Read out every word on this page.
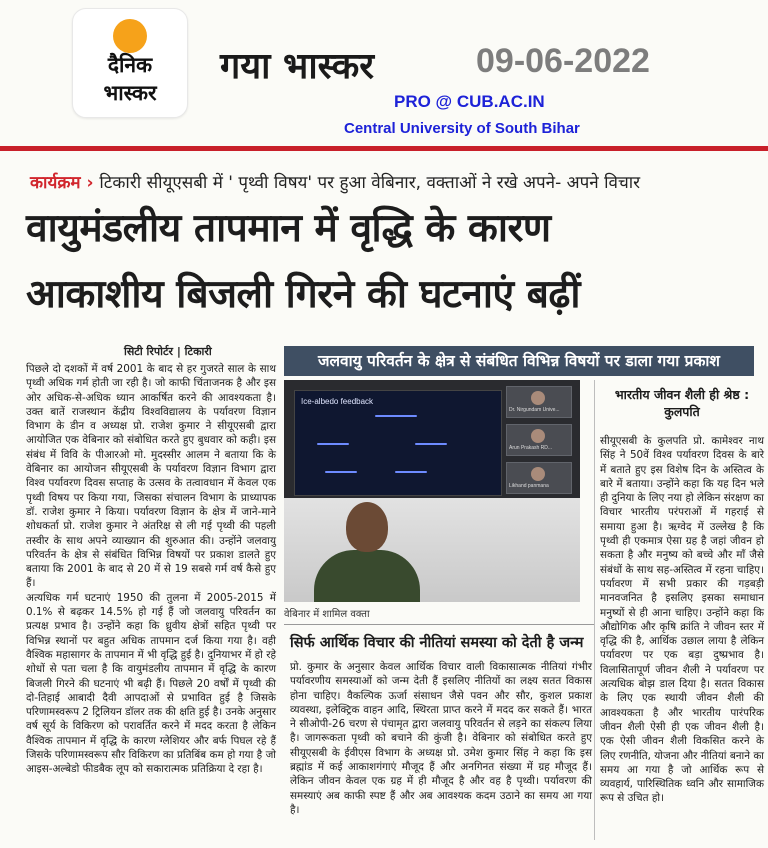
दैनिक
भास्कर
गया भास्कर	09-06-2022
PRO @ CUB.AC.IN
Central University of South Bihar
कार्यक्रम › टिकारी सीयूएसबी में ' पृथ्वी विषय' पर हुआ वेबिनार, वक्ताओं ने रखे अपने- अपने विचार
वायुमंडलीय तापमान में वृद्धि के कारण
आकाशीय बिजली गिरने की घटनाएं बढ़ीं
सिटी रिपोर्टर | टिकारी

पिछले दो दशकों में वर्ष 2001 के बाद से हर गुजरते साल के साथ पृथ्वी अधिक गर्म होती जा रही है। जो काफी चिंताजनक है और इस ओर अधिक-से-अधिक ध्यान आकर्षित करने की आवश्यकता है। उक्त बातें राजस्थान केंद्रीय विश्वविद्यालय के पर्यावरण विज्ञान विभाग के डीन व अध्यक्ष प्रो. राजेश कुमार ने सीयूएसबी द्वारा आयोजित एक वेबिनार को संबोधित करते हुए बुधवार को कही। इस संबंध में विवि के पीआरओ मो. मुदस्सीर आलम ने बताया कि के वेबिनार का आयोजन सीयूएसबी के पर्यावरण विज्ञान विभाग द्वारा विश्व पर्यावरण दिवस सप्ताह के उत्सव के तत्वावधान में केवल एक पृथ्वी विषय पर किया गया, जिसका संचालन विभाग के प्राध्यापक डॉ. राजेश कुमार ने किया। पर्यावरण विज्ञान के क्षेत्र में जाने-माने शोधकर्ता प्रो. राजेश कुमार ने अंतरिक्ष से ली गई पृथ्वी की पहली तस्वीर के साथ अपने व्याख्यान की शुरुआत की। उन्होंने जलवायु परिवर्तन के क्षेत्र से संबंधित विभिन्न विषयों पर प्रकाश डालते हुए बताया कि 2001 के बाद से 20 में से 19 सबसे गर्म वर्ष कैसे हुए हैं।

अत्यधिक गर्म घटनाएं 1950 की तुलना में 2005-2015 में 0.1% से बढ़कर 14.5% हो गई हैं जो जलवायु परिवर्तन का प्रत्यक्ष प्रभाव है। उन्होंने कहा कि ध्रुवीय क्षेत्रों सहित पृथ्वी पर विभिन्न स्थानों पर बहुत अधिक तापमान दर्ज किया गया है। वही वैश्विक महासागर के तापमान में भी वृद्धि हुई है। दुनियाभर में हो रहे शोधों से पता चला है कि वायुमंडलीय तापमान में वृद्धि के कारण बिजली गिरने की घटनाएं भी बढ़ी हैं। पिछले 20 वर्षों में पृथ्वी की दो-तिहाई आबादी दैवी आपदाओं से प्रभावित हुई है जिसके परिणामस्वरूप 2 ट्रिलियन डॉलर तक की क्षति हुई है। उनके अनुसार वर्ष सूर्य के विकिरण को परावर्तित करने में मदद करता है लेकिन वैश्विक तापमान में वृद्धि के कारण ग्लेशियर और बर्फ पिघल रहे हैं जिसके परिणामस्वरूप सौर विकिरण का प्रतिबिंब कम हो गया है जो आइस-अल्बेडो फीडबैक लूप को सकारात्मक प्रतिक्रिया दे रहा है।

जलवायु परिवर्तन के क्षेत्र से संबंधित विभिन्न विषयों पर डाला गया प्रकाश
Ice-albedo feedback
Dr. Nirgundam Unive...
Arun Prakash RD...
Likhand panmana
वेबिनार में शामिल वक्ता
भारतीय जीवन शैली ही श्रेष्ठ : कुलपति
सीयूएसबी के कुलपति प्रो. कामेश्वर नाथ सिंह ने 50वें विश्व पर्यावरण दिवस के बारे में बताते हुए इस विशेष दिन के अस्तित्व के बारे में बताया। उन्होंने कहा कि यह दिन भले ही दुनिया के लिए नया हो लेकिन संरक्षण का विचार भारतीय परंपराओं में गहराई से समाया हुआ है। ऋग्वेद में उल्लेख है कि पृथ्वी ही एकमात्र ऐसा ग्रह है जहां जीवन हो सकता है और मनुष्य को बच्चे और माँ जैसे संबंधों के साथ सह-अस्तित्व में रहना चाहिए। पर्यावरण में सभी प्रकार की गड़बड़ी मानवजनित है इसलिए इसका समाधान मनुष्यों से ही आना चाहिए। उन्होंने कहा कि औद्योगिक और कृषि क्रांति ने जीवन स्तर में वृद्धि की है, आर्थिक उछाल लाया है लेकिन पर्यावरण पर एक बड़ा दुष्प्रभाव है। विलासितापूर्ण जीवन शैली ने पर्यावरण पर अत्यधिक बोझ डाल दिया है। सतत विकास के लिए एक स्थायी जीवन शैली की आवश्यकता है और भारतीय पारंपरिक जीवन शैली ऐसी ही एक जीवन शैली है। एक ऐसी जीवन शैली विकसित करने के लिए रणनीति, योजना और नीतियां बनाने का समय आ गया है जो आर्थिक रूप से व्यवहार्य, पारिस्थितिक ध्वनि और सामाजिक रूप से उचित हो।
सिर्फ आर्थिक विचार की नीतियां समस्या को देती है जन्म
प्रो. कुमार के अनुसार केवल आर्थिक विचार वाली विकासात्मक नीतियां गंभीर पर्यावरणीय समस्याओं को जन्म देती हैं इसलिए नीतियों का लक्ष्य सतत विकास होना चाहिए। वैकल्पिक ऊर्जा संसाधन जैसे पवन और सौर, कुशल प्रकाश व्यवस्था, इलेक्ट्रिक वाहन आदि, स्थिरता प्राप्त करने में मदद कर सकते हैं। भारत ने सीओपी-26 चरण से पंचामृत द्वारा जलवायु परिवर्तन से लड़ने का संकल्प लिया है। जागरूकता पृथ्वी को बचाने की कुंजी है। वेबिनार को संबोधित करते हुए सीयूएसबी के ईवीएस विभाग के अध्यक्ष प्रो. उमेश कुमार सिंह ने कहा कि इस ब्रह्मांड में कई आकाशगंगाएं मौजूद हैं और अनगिनत संख्या में ग्रह मौजूद हैं। लेकिन जीवन केवल एक ग्रह में ही मौजूद है और वह है पृथ्वी। पर्यावरण की समस्याएं अब काफी स्पष्ट हैं और अब आवश्यक कदम उठाने का समय आ गया है।
